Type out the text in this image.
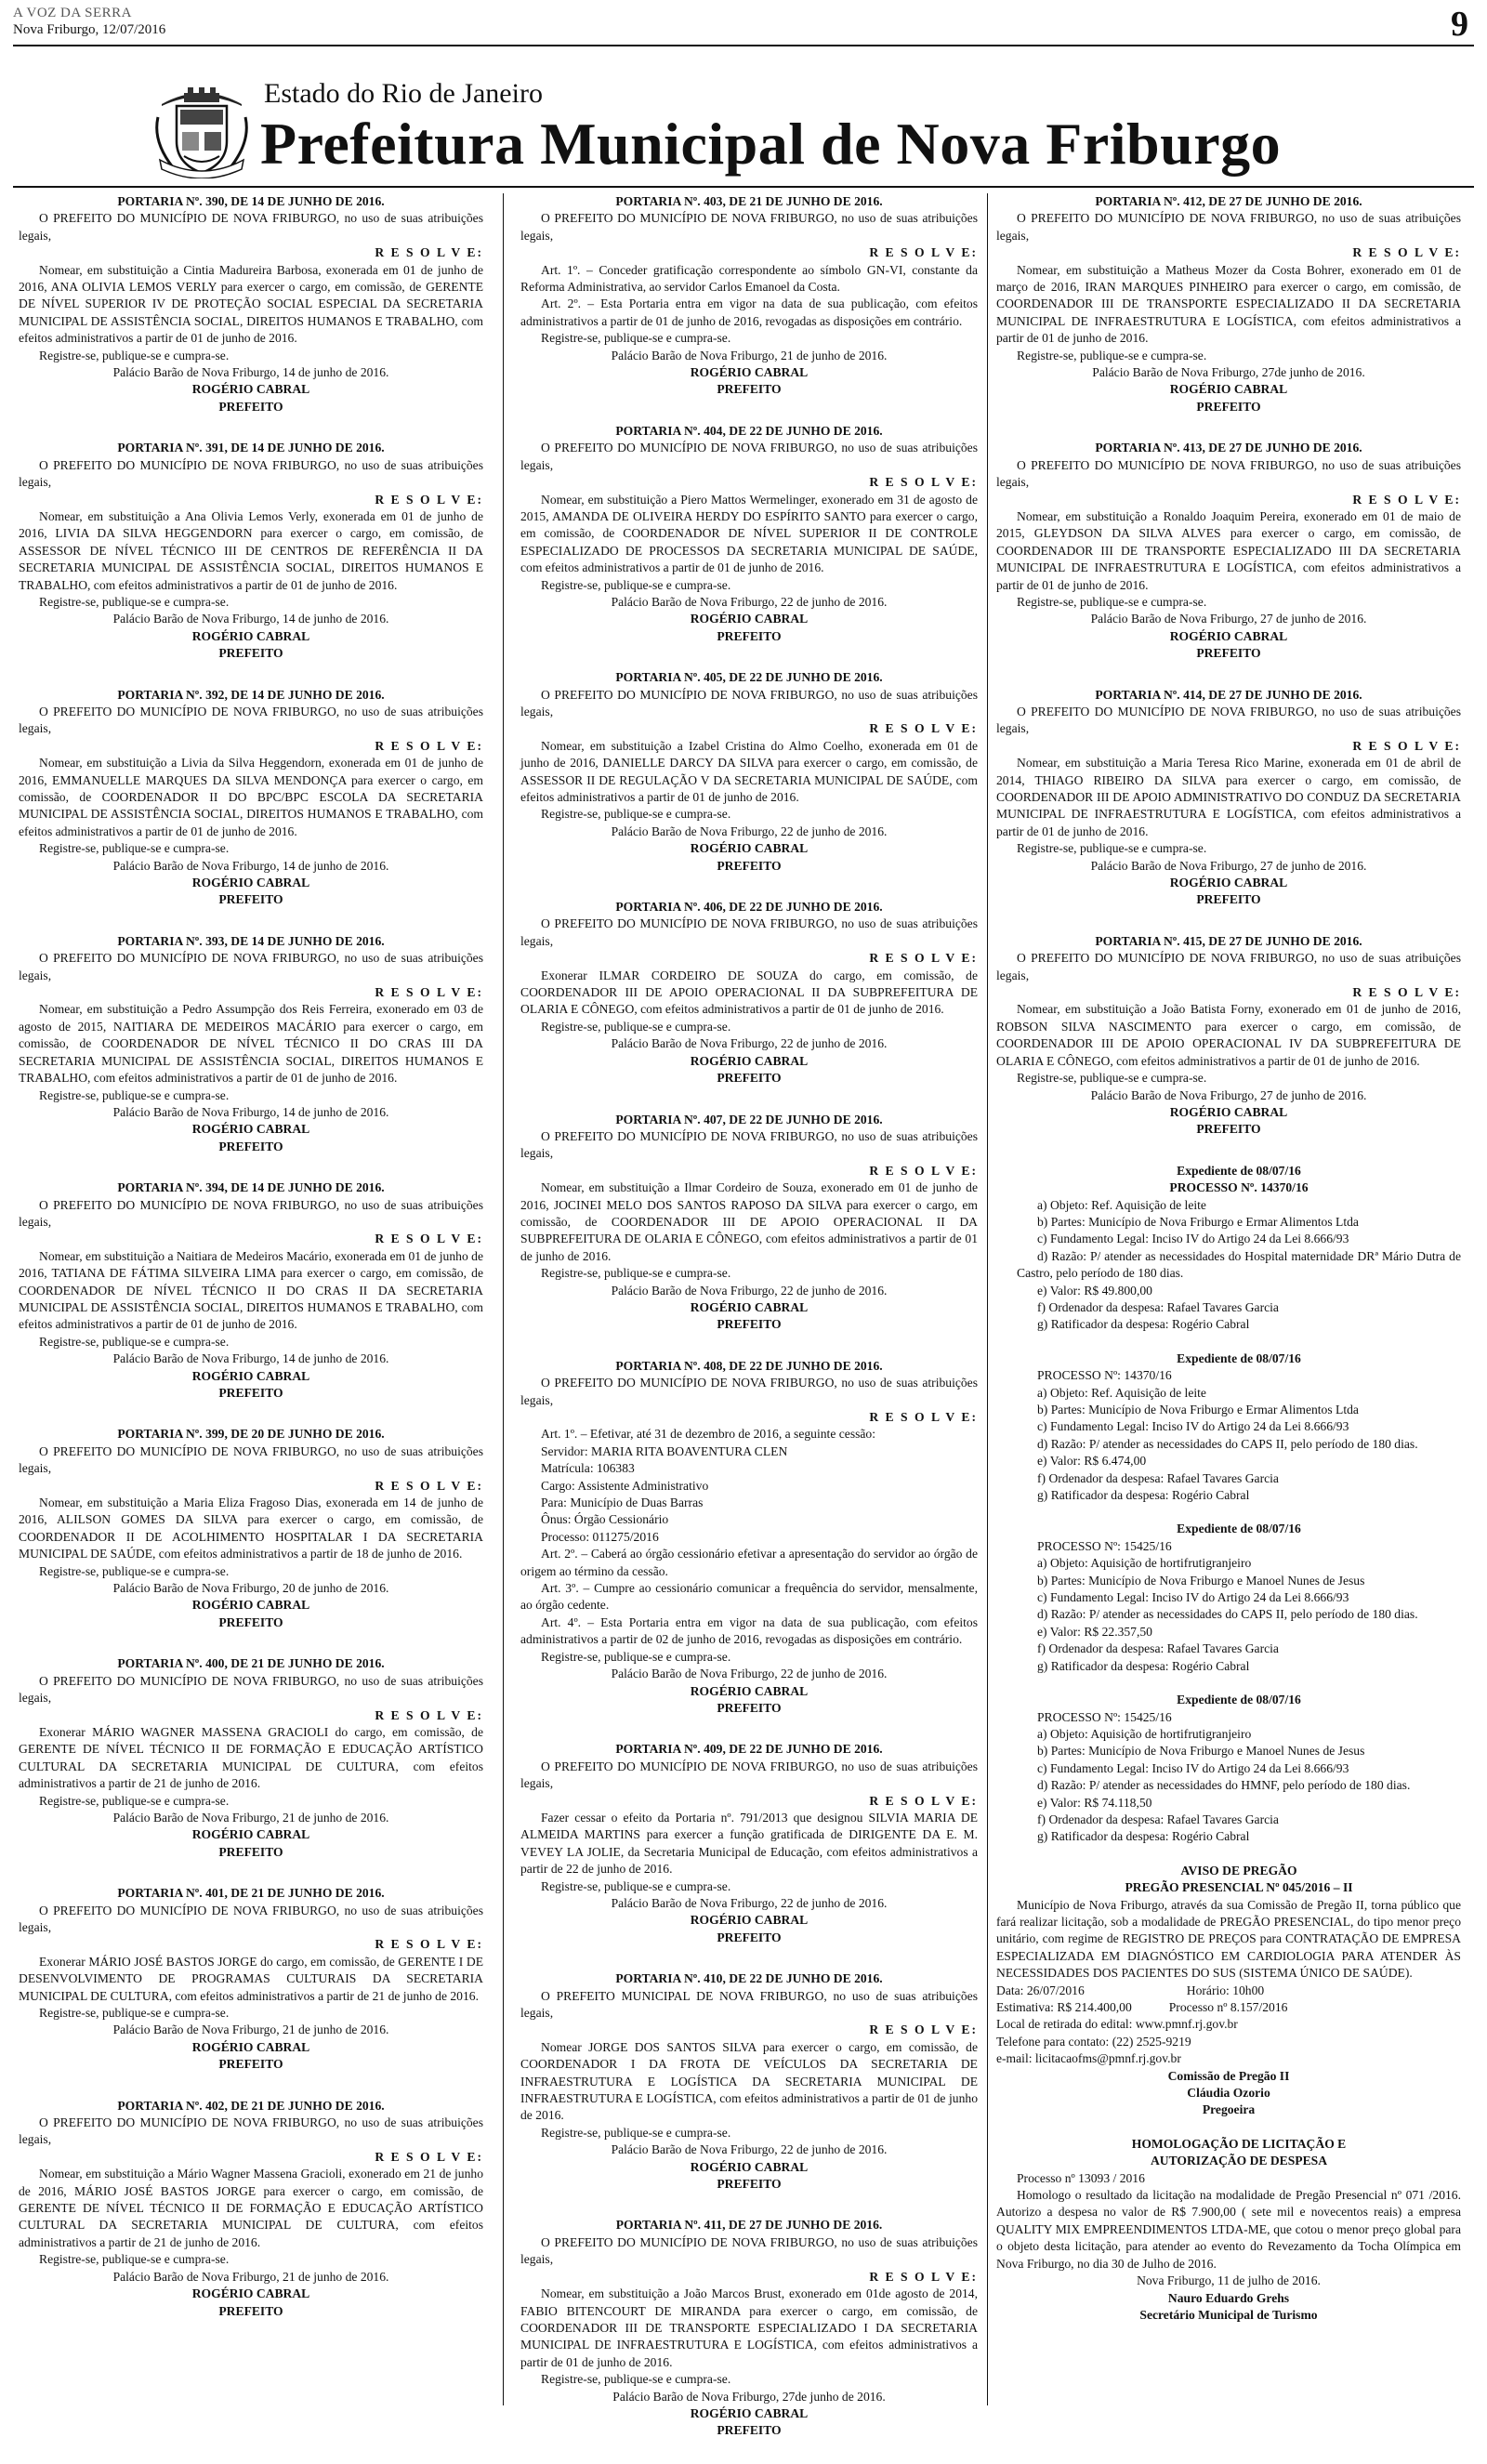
A VOZ DA SERRA
Nova Friburgo, 12/07/2016	9
Estado do Rio de Janeiro
Prefeitura Municipal de Nova Friburgo

PORTARIA Nº. 390, DE 14 DE JUNHO DE 2016.

O PREFEITO DO MUNICÍPIO DE NOVA FRIBURGO, no uso de suas atribuições legais,

R E S O L V E:

Nomear, em substituição a Cintia Madureira Barbosa, exonerada em 01 de junho de 2016, ANA OLIVIA LEMOS VERLY para exercer o cargo, em comissão, de GERENTE DE NÍVEL SUPERIOR IV DE PROTEÇÃO SOCIAL ESPECIAL DA SECRETARIA MUNICIPAL DE ASSISTÊNCIA SOCIAL, DIREITOS HUMANOS E TRABALHO, com efeitos administrativos a partir de 01 de junho de 2016.

Registre-se, publique-se e cumpra-se.

Palácio Barão de Nova Friburgo, 14 de junho de 2016.

ROGÉRIO CABRAL

PREFEITO

PORTARIA Nº. 391, DE 14 DE JUNHO DE 2016.

O PREFEITO DO MUNICÍPIO DE NOVA FRIBURGO, no uso de suas atribuições legais,

R E S O L V E:

Nomear, em substituição a Ana Olivia Lemos Verly, exonerada em 01 de junho de 2016, LIVIA DA SILVA HEGGENDORN para exercer o cargo, em comissão, de ASSESSOR DE NÍVEL TÉCNICO III DE CENTROS DE REFERÊNCIA II DA SECRETARIA MUNICIPAL DE ASSISTÊNCIA SOCIAL, DIREITOS HUMANOS E TRABALHO, com efeitos administrativos a partir de 01 de junho de 2016.

Registre-se, publique-se e cumpra-se.

Palácio Barão de Nova Friburgo, 14 de junho de 2016.

ROGÉRIO CABRAL

PREFEITO

PORTARIA Nº. 392, DE 14 DE JUNHO DE 2016.

O PREFEITO DO MUNICÍPIO DE NOVA FRIBURGO, no uso de suas atribuições legais,

R E S O L V E:

Nomear, em substituição a Livia da Silva Heggendorn, exonerada em 01 de junho de 2016, EMMANUELLE MARQUES DA SILVA MENDONÇA para exercer o cargo, em comissão, de COORDENADOR II DO BPC/BPC ESCOLA DA SECRETARIA MUNICIPAL DE ASSISTÊNCIA SOCIAL, DIREITOS HUMANOS E TRABALHO, com efeitos administrativos a partir de 01 de junho de 2016.

Registre-se, publique-se e cumpra-se.

Palácio Barão de Nova Friburgo, 14 de junho de 2016.

ROGÉRIO CABRAL

PREFEITO

PORTARIA Nº. 393, DE 14 DE JUNHO DE 2016.

O PREFEITO DO MUNICÍPIO DE NOVA FRIBURGO, no uso de suas atribuições legais,

R E S O L V E:

Nomear, em substituição a Pedro Assumpção dos Reis Ferreira, exonerado em 03 de agosto de 2015, NAITIARA DE MEDEIROS MACÁRIO para exercer o cargo, em comissão, de COORDENADOR DE NÍVEL TÉCNICO II DO CRAS III DA SECRETARIA MUNICIPAL DE ASSISTÊNCIA SOCIAL, DIREITOS HUMANOS E TRABALHO, com efeitos administrativos a partir de 01 de junho de 2016.

Registre-se, publique-se e cumpra-se.

Palácio Barão de Nova Friburgo, 14 de junho de 2016.

ROGÉRIO CABRAL

PREFEITO

PORTARIA Nº. 394, DE 14 DE JUNHO DE 2016.

O PREFEITO DO MUNICÍPIO DE NOVA FRIBURGO, no uso de suas atribuições legais,

R E S O L V E:

Nomear, em substituição a Naitiara de Medeiros Macário, exonerada em 01 de junho de 2016, TATIANA DE FÁTIMA SILVEIRA LIMA para exercer o cargo, em comissão, de COORDENADOR DE NÍVEL TÉCNICO II DO CRAS II DA SECRETARIA MUNICIPAL DE ASSISTÊNCIA SOCIAL, DIREITOS HUMANOS E TRABALHO, com efeitos administrativos a partir de 01 de junho de 2016.

Registre-se, publique-se e cumpra-se.

Palácio Barão de Nova Friburgo, 14 de junho de 2016.

ROGÉRIO CABRAL

PREFEITO

PORTARIA Nº. 399, DE 20 DE JUNHO DE 2016.

O PREFEITO DO MUNICÍPIO DE NOVA FRIBURGO, no uso de suas atribuições legais,

R E S O L V E:

Nomear, em substituição a Maria Eliza Fragoso Dias, exonerada em 14 de junho de 2016, ALILSON GOMES DA SILVA para exercer o cargo, em comissão, de COORDENADOR II DE ACOLHIMENTO HOSPITALAR I DA SECRETARIA MUNICIPAL DE SAÚDE, com efeitos administrativos a partir de 18 de junho de 2016.

Registre-se, publique-se e cumpra-se.

Palácio Barão de Nova Friburgo, 20 de junho de 2016.

ROGÉRIO CABRAL

PREFEITO

PORTARIA Nº. 400, DE 21 DE JUNHO DE 2016.

O PREFEITO DO MUNICÍPIO DE NOVA FRIBURGO, no uso de suas atribuições legais,

R E S O L V E:

Exonerar MÁRIO WAGNER MASSENA GRACIOLI do cargo, em comissão, de GERENTE DE NÍVEL TÉCNICO II DE FORMAÇÃO E EDUCAÇÃO ARTÍSTICO CULTURAL DA SECRETARIA MUNICIPAL DE CULTURA, com efeitos administrativos a partir de 21 de junho de 2016.

Registre-se, publique-se e cumpra-se.

Palácio Barão de Nova Friburgo, 21 de junho de 2016.

ROGÉRIO CABRAL

PREFEITO

PORTARIA Nº. 401, DE 21 DE JUNHO DE 2016.

O PREFEITO DO MUNICÍPIO DE NOVA FRIBURGO, no uso de suas atribuições legais,

R E S O L V E:

Exonerar MÁRIO JOSÉ BASTOS JORGE do cargo, em comissão, de GERENTE I DE DESENVOLVIMENTO DE PROGRAMAS CULTURAIS DA SECRETARIA MUNICIPAL DE CULTURA, com efeitos administrativos a partir de 21 de junho de 2016.

Registre-se, publique-se e cumpra-se.

Palácio Barão de Nova Friburgo, 21 de junho de 2016.

ROGÉRIO CABRAL

PREFEITO

PORTARIA Nº. 402, DE 21 DE JUNHO DE 2016.

O PREFEITO DO MUNICÍPIO DE NOVA FRIBURGO, no uso de suas atribuições legais,

R E S O L V E:

Nomear, em substituição a Mário Wagner Massena Gracioli, exonerado em 21 de junho de 2016, MÁRIO JOSÉ BASTOS JORGE para exercer o cargo, em comissão, de GERENTE DE NÍVEL TÉCNICO II DE FORMAÇÃO E EDUCAÇÃO ARTÍSTICO CULTURAL DA SECRETARIA MUNICIPAL DE CULTURA, com efeitos administrativos a partir de 21 de junho de 2016.

Registre-se, publique-se e cumpra-se.

Palácio Barão de Nova Friburgo, 21 de junho de 2016.

ROGÉRIO CABRAL

PREFEITO

PORTARIA Nº. 403, DE 21 DE JUNHO DE 2016.

O PREFEITO DO MUNICÍPIO DE NOVA FRIBURGO, no uso de suas atribuições legais,

R E S O L V E:

Art. 1º. – Conceder gratificação correspondente ao símbolo GN-VI, constante da Reforma Administrativa, ao servidor Carlos Emanoel da Costa.

Art. 2º. – Esta Portaria entra em vigor na data de sua publicação, com efeitos administrativos a partir de 01 de junho de 2016, revogadas as disposições em contrário.

Registre-se, publique-se e cumpra-se.

Palácio Barão de Nova Friburgo, 21 de junho de 2016.

ROGÉRIO CABRAL

PREFEITO

PORTARIA Nº. 404, DE 22 DE JUNHO DE 2016.

O PREFEITO DO MUNICÍPIO DE NOVA FRIBURGO, no uso de suas atribuições legais,

R E S O L V E:

Nomear, em substituição a Piero Mattos Wermelinger, exonerado em 31 de agosto de 2015, AMANDA DE OLIVEIRA HERDY DO ESPÍRITO SANTO para exercer o cargo, em comissão, de COORDENADOR DE NÍVEL SUPERIOR II DE CONTROLE ESPECIALIZADO DE PROCESSOS DA SECRETARIA MUNICIPAL DE SAÚDE, com efeitos administrativos a partir de 01 de junho de 2016.

Registre-se, publique-se e cumpra-se.

Palácio Barão de Nova Friburgo, 22 de junho de 2016.

ROGÉRIO CABRAL

PREFEITO

PORTARIA Nº. 405, DE 22 DE JUNHO DE 2016.

O PREFEITO DO MUNICÍPIO DE NOVA FRIBURGO, no uso de suas atribuições legais,

R E S O L V E:

Nomear, em substituição a Izabel Cristina do Almo Coelho, exonerada em 01 de junho de 2016, DANIELLE DARCY DA SILVA para exercer o cargo, em comissão, de ASSESSOR II DE REGULAÇÃO V DA SECRETARIA MUNICIPAL DE SAÚDE, com efeitos administrativos a partir de 01 de junho de 2016.

Registre-se, publique-se e cumpra-se.

Palácio Barão de Nova Friburgo, 22 de junho de 2016.

ROGÉRIO CABRAL

PREFEITO

PORTARIA Nº. 406, DE 22 DE JUNHO DE 2016.

O PREFEITO DO MUNICÍPIO DE NOVA FRIBURGO, no uso de suas atribuições legais,

R E S O L V E:

Exonerar ILMAR CORDEIRO DE SOUZA do cargo, em comissão, de COORDENADOR III DE APOIO OPERACIONAL II DA SUBPREFEITURA DE OLARIA E CÔNEGO, com efeitos administrativos a partir de 01 de junho de 2016.

Registre-se, publique-se e cumpra-se.

Palácio Barão de Nova Friburgo, 22 de junho de 2016.

ROGÉRIO CABRAL

PREFEITO

PORTARIA Nº. 407, DE 22 DE JUNHO DE 2016.

O PREFEITO DO MUNICÍPIO DE NOVA FRIBURGO, no uso de suas atribuições legais,

R E S O L V E:

Nomear, em substituição a Ilmar Cordeiro de Souza, exonerado em 01 de junho de 2016, JOCINEI MELO DOS SANTOS RAPOSO DA SILVA para exercer o cargo, em comissão, de COORDENADOR III DE APOIO OPERACIONAL II DA SUBPREFEITURA DE OLARIA E CÔNEGO, com efeitos administrativos a partir de 01 de junho de 2016.

Registre-se, publique-se e cumpra-se.

Palácio Barão de Nova Friburgo, 22 de junho de 2016.

ROGÉRIO CABRAL

PREFEITO

PORTARIA Nº. 408, DE 22 DE JUNHO DE 2016.

O PREFEITO DO MUNICÍPIO DE NOVA FRIBURGO, no uso de suas atribuições legais,

R E S O L V E:

Art. 1º. – Efetivar, até 31 de dezembro de 2016, a seguinte cessão:

Servidor: MARIA RITA BOAVENTURA CLEN

Matrícula: 106383

Cargo: Assistente Administrativo

Para: Município de Duas Barras

Ônus: Órgão Cessionário

Processo: 011275/2016

Art. 2º. – Caberá ao órgão cessionário efetivar a apresentação do servidor ao órgão de origem ao término da cessão.

Art. 3º. – Cumpre ao cessionário comunicar a frequência do servidor, mensalmente, ao órgão cedente.

Art. 4º. – Esta Portaria entra em vigor na data de sua publicação, com efeitos administrativos a partir de 02 de junho de 2016, revogadas as disposições em contrário.

Registre-se, publique-se e cumpra-se.

Palácio Barão de Nova Friburgo, 22 de junho de 2016.

ROGÉRIO CABRAL

PREFEITO

PORTARIA Nº. 409, DE 22 DE JUNHO DE 2016.

O PREFEITO DO MUNICÍPIO DE NOVA FRIBURGO, no uso de suas atribuições legais,

R E S O L V E:

Fazer cessar o efeito da Portaria nº. 791/2013 que designou SILVIA MARIA DE ALMEIDA MARTINS para exercer a função gratificada de DIRIGENTE DA E. M. VEVEY LA JOLIE, da Secretaria Municipal de Educação, com efeitos administrativos a partir de 22 de junho de 2016.

Registre-se, publique-se e cumpra-se.

Palácio Barão de Nova Friburgo, 22 de junho de 2016.

ROGÉRIO CABRAL

PREFEITO

PORTARIA Nº. 410, DE 22 DE JUNHO DE 2016.

O PREFEITO MUNICIPAL DE NOVA FRIBURGO, no uso de suas atribuições legais,

R E S O L V E:

Nomear JORGE DOS SANTOS SILVA para exercer o cargo, em comissão, de COORDENADOR I DA FROTA DE VEÍCULOS DA SECRETARIA DE INFRAESTRUTURA E LOGÍSTICA DA SECRETARIA MUNICIPAL DE INFRAESTRUTURA E LOGÍSTICA, com efeitos administrativos a partir de 01 de junho de 2016.

Registre-se, publique-se e cumpra-se.

Palácio Barão de Nova Friburgo, 22 de junho de 2016.

ROGÉRIO CABRAL

PREFEITO

PORTARIA Nº. 411, DE 27 DE JUNHO DE 2016.

O PREFEITO DO MUNICÍPIO DE NOVA FRIBURGO, no uso de suas atribuições legais,

R E S O L V E:

Nomear, em substituição a João Marcos Brust, exonerado em 01de agosto de 2014, FABIO BITENCOURT DE MIRANDA para exercer o cargo, em comissão, de COORDENADOR III DE TRANSPORTE ESPECIALIZADO I DA SECRETARIA MUNICIPAL DE INFRAESTRUTURA E LOGÍSTICA, com efeitos administrativos a partir de 01 de junho de 2016.

Registre-se, publique-se e cumpra-se.

Palácio Barão de Nova Friburgo, 27de junho de 2016.

ROGÉRIO CABRAL

PREFEITO

PORTARIA Nº. 412, DE 27 DE JUNHO DE 2016.

O PREFEITO DO MUNICÍPIO DE NOVA FRIBURGO, no uso de suas atribuições legais,

R E S O L V E:

Nomear, em substituição a Matheus Mozer da Costa Bohrer, exonerado em 01 de março de 2016, IRAN MARQUES PINHEIRO para exercer o cargo, em comissão, de COORDENADOR III DE TRANSPORTE ESPECIALIZADO II DA SECRETARIA MUNICIPAL DE INFRAESTRUTURA E LOGÍSTICA, com efeitos administrativos a partir de 01 de junho de 2016.

Registre-se, publique-se e cumpra-se.

Palácio Barão de Nova Friburgo, 27de junho de 2016.

ROGÉRIO CABRAL

PREFEITO

PORTARIA Nº. 413, DE 27 DE JUNHO DE 2016.

O PREFEITO DO MUNICÍPIO DE NOVA FRIBURGO, no uso de suas atribuições legais,

R E S O L V E:

Nomear, em substituição a Ronaldo Joaquim Pereira, exonerado em 01 de maio de 2015, GLEYDSON DA SILVA ALVES para exercer o cargo, em comissão, de COORDENADOR III DE TRANSPORTE ESPECIALIZADO III DA SECRETARIA MUNICIPAL DE INFRAESTRUTURA E LOGÍSTICA, com efeitos administrativos a partir de 01 de junho de 2016.

Registre-se, publique-se e cumpra-se.

Palácio Barão de Nova Friburgo, 27 de junho de 2016.

ROGÉRIO CABRAL

PREFEITO

PORTARIA Nº. 414, DE 27 DE JUNHO DE 2016.

O PREFEITO DO MUNICÍPIO DE NOVA FRIBURGO, no uso de suas atribuições legais,

R E S O L V E:

Nomear, em substituição a Maria Teresa Rico Marine, exonerada em 01 de abril de 2014, THIAGO RIBEIRO DA SILVA para exercer o cargo, em comissão, de COORDENADOR III DE APOIO ADMINISTRATIVO DO CONDUZ DA SECRETARIA MUNICIPAL DE INFRAESTRUTURA E LOGÍSTICA, com efeitos administrativos a partir de 01 de junho de 2016.

Registre-se, publique-se e cumpra-se.

Palácio Barão de Nova Friburgo, 27 de junho de 2016.

ROGÉRIO CABRAL

PREFEITO

PORTARIA Nº. 415, DE 27 DE JUNHO DE 2016.

O PREFEITO DO MUNICÍPIO DE NOVA FRIBURGO, no uso de suas atribuições legais,

R E S O L V E:

Nomear, em substituição a João Batista Forny, exonerado em 01 de junho de 2016, ROBSON SILVA NASCIMENTO para exercer o cargo, em comissão, de COORDENADOR III DE APOIO OPERACIONAL IV DA SUBPREFEITURA DE OLARIA E CÔNEGO, com efeitos administrativos a partir de 01 de junho de 2016.

Registre-se, publique-se e cumpra-se.

Palácio Barão de Nova Friburgo, 27 de junho de 2016.

ROGÉRIO CABRAL

PREFEITO

Expediente de 08/07/16

PROCESSO Nº. 14370/16

a) Objeto: Ref. Aquisição de leite

b) Partes: Município de Nova Friburgo e Ermar Alimentos Ltda

c) Fundamento Legal: Inciso IV do Artigo 24 da Lei 8.666/93

d) Razão: P/ atender as necessidades do Hospital maternidade DRª Mário Dutra de Castro, pelo período de 180 dias.

e) Valor: R$ 49.800,00

f) Ordenador da despesa: Rafael Tavares Garcia

g) Ratificador da despesa: Rogério Cabral

Expediente de 08/07/16

PROCESSO Nº: 14370/16

a) Objeto: Ref. Aquisição de leite

b) Partes: Município de Nova Friburgo e Ermar Alimentos Ltda

c) Fundamento Legal: Inciso IV do Artigo 24 da Lei 8.666/93

d) Razão: P/ atender as necessidades do CAPS II, pelo período de 180 dias.

e) Valor: R$ 6.474,00

f) Ordenador da despesa: Rafael Tavares Garcia

g) Ratificador da despesa: Rogério Cabral

Expediente de 08/07/16

PROCESSO Nº: 15425/16

a) Objeto: Aquisição de hortifrutigranjeiro

b) Partes: Município de Nova Friburgo e Manoel Nunes de Jesus

c) Fundamento Legal: Inciso IV do Artigo 24 da Lei 8.666/93

d) Razão: P/ atender as necessidades do CAPS II, pelo período de 180 dias.

e) Valor: R$ 22.357,50

f) Ordenador da despesa: Rafael Tavares Garcia

g) Ratificador da despesa: Rogério Cabral

Expediente de 08/07/16

PROCESSO Nº: 15425/16

a) Objeto: Aquisição de hortifrutigranjeiro

b) Partes: Município de Nova Friburgo e Manoel Nunes de Jesus

c) Fundamento Legal: Inciso IV do Artigo 24 da Lei 8.666/93

d) Razão: P/ atender as necessidades do HMNF, pelo período de 180 dias.

e) Valor: R$ 74.118,50

f) Ordenador da despesa: Rafael Tavares Garcia

g) Ratificador da despesa: Rogério Cabral

AVISO DE PREGÃO

PREGÃO PRESENCIAL Nº 045/2016 – II

Município de Nova Friburgo, através da sua Comissão de Pregão II, torna público que fará realizar licitação, sob a modalidade de PREGÃO PRESENCIAL, do tipo menor preço unitário, com regime de REGISTRO DE PREÇOS para CONTRATAÇÃO DE EMPRESA ESPECIALIZADA EM DIAGNÓSTICO EM CARDIOLOGIA PARA ATENDER ÀS NECESSIDADES DOS PACIENTES DO SUS (SISTEMA ÚNICO DE SAÚDE).

Data: 26/07/2016	Horário: 10h00

Estimativa: R$ 214.400,00	Processo nº 8.157/2016

Local de retirada do edital: www.pmnf.rj.gov.br

Telefone para contato: (22) 2525-9219

e-mail: licitacaofms@pmnf.rj.gov.br

Comissão de Pregão II

Cláudia Ozorio

Pregoeira

HOMOLOGAÇÃO DE LICITAÇÃO E

AUTORIZAÇÃO DE DESPESA

Processo nº 13093 / 2016

Homologo o resultado da licitação na modalidade de Pregão Presencial nº 071 /2016. Autorizo a despesa no valor de R$ 7.900,00 ( sete mil e novecentos reais) a empresa QUALITY MIX EMPREENDIMENTOS LTDA-ME, que cotou o menor preço global para o objeto desta licitação, para atender ao evento do Revezamento da Tocha Olímpica em Nova Friburgo, no dia 30 de Julho de 2016.

Nova Friburgo, 11 de julho de 2016.

Nauro Eduardo Grehs

Secretário Municipal de Turismo
